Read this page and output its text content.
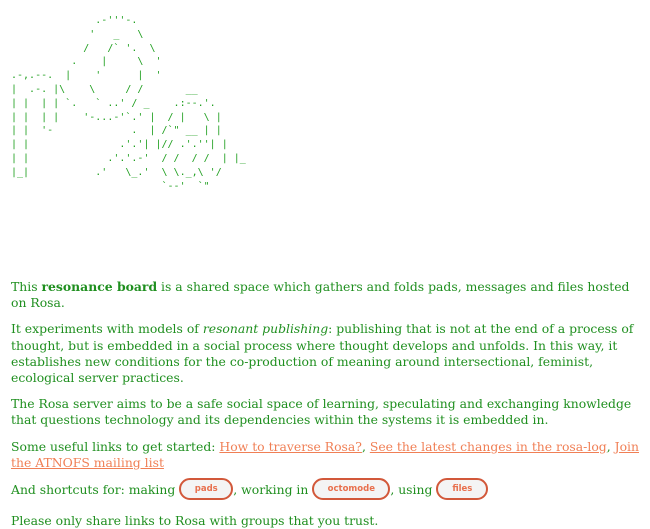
.-'''-.
'   _   \
/   /` '.  \
.    |     \  '
.-,.--.  |    '      |  '
|  .-. |\    \     / /       __
| |  | | `.   ` ..' / _    .:--.'.
| |  | |    '-...-'`.' |  / |   \ |
| |  '-             .  | /`" __ | |
| |               .'.'| |// .'.''| |
| |             .'.'.-'  / /  / /  | |_
|_|           .'   \_.'  \ \._,\ '/
`--'  `"

This resonance board is a shared space which gathers and folds pads, messages and files hosted on Rosa.

It experiments with models of resonant publishing: publishing that is not at the end of a process of thought, but is embedded in a social process where thought develops and unfolds. In this way, it establishes new conditions for the co-production of meaning around intersectional, feminist, ecological server practices.

The Rosa server aims to be a safe social space of learning, speculating and exchanging knowledge that questions technology and its dependencies within the systems it is embedded in.

Some useful links to get started: How to traverse Rosa?, See the latest changes in the rosa-log, Join the ATNOFS mailing list

And shortcuts for: making pads , working in octomode , using files

Please only share links to Rosa with groups that you trust.
